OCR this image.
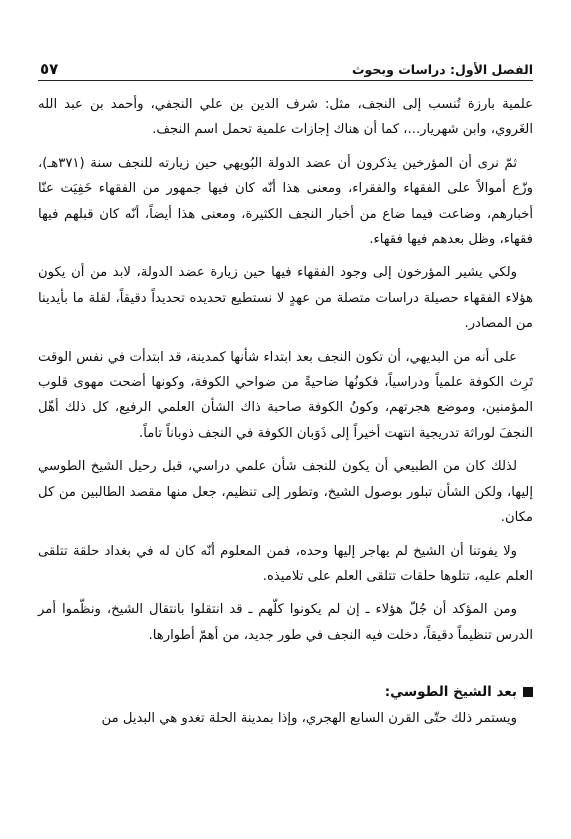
الفصل الأول: دراسات وبحوث
٥٧

علمية بارزة تُنسب إلى النجف، مثل: شرف الدين بن علي النجفي، وأحمد بن عبد الله الغَروي، وابن شهريار...، كما أن هناك إجازات علمية تحمل اسم النجف.

ثمّ نرى أن المؤرخين يذكرون أن عضد الدولة البُويهي حين زيارته للنجف سنة (٣٧١هـ)، وزّع أموالاً على الفقهاء والفقراء، ومعنى هذا أنّه كان فيها جمهور من الفقهاء خَفِيَت عنّا أخبارهم، وضاعت فيما ضاع من أخبار النجف الكثيرة، ومعنى هذا أيضاً، أنّه كان قبلهم فيها فقهاء، وظل بعدهم فيها فقهاء.

ولكي يشير المؤرخون إلى وجود الفقهاء فيها حين زيارة عضد الدولة، لابد من أن يكون هؤلاء الفقهاء حصيلة دراسات متصلة من عهدٍ لا نستطيع تحديده تحديداً دقيقاً، لقلة ما بأيدينا من المصادر.

على أنه من البديهي، أن تكون النجف بعد ابتداء شأنها كمدينة، قد ابتدأت في نفس الوقت تَرِث الكوفة علمياً ودراسياً، فكونُها ضاحيةً من ضواحي الكوفة، وكونها أضحت مهوى قلوب المؤمنين، وموضع هجرتهم، وكونُ الكوفة صاحبة ذاك الشأن العلمي الرفيع، كل ذلك أهّل النجفَ لوراثة تدريجية انتهت أخيراً إلى ذَوَبان الكوفة في النجف ذوباناً تاماً.

لذلك كان من الطبيعي أن يكون للنجف شأن علمي دراسي، قبل رحيل الشيخ الطوسي إليها، ولكن الشأن تبلور بوصول الشيخ، وتطور إلى تنظيم، جعل منها مقصد الطالبين من كل مكان.

ولا يفوتنا أن الشيخ لم يهاجر إليها وحده، فمن المعلوم أنّه كان له في بغداد حلقة تتلقى العلم عليه، تتلوها حلقات تتلقى العلم على تلاميذه.

ومن المؤكد أن جُلّ هؤلاء ـ إن لم يكونوا كلّهم ـ قد انتقلوا بانتقال الشيخ، ونظّموا أمر الدرس تنظيماً دقيقاً، دخلت فيه النجف في طور جديد، من أهمّ أطوارها.

بعد الشيخ الطوسي:

ويستمر ذلك حتّى القرن السابع الهجري، وإذا بمدينة الحلة تغدو هي البديل من
